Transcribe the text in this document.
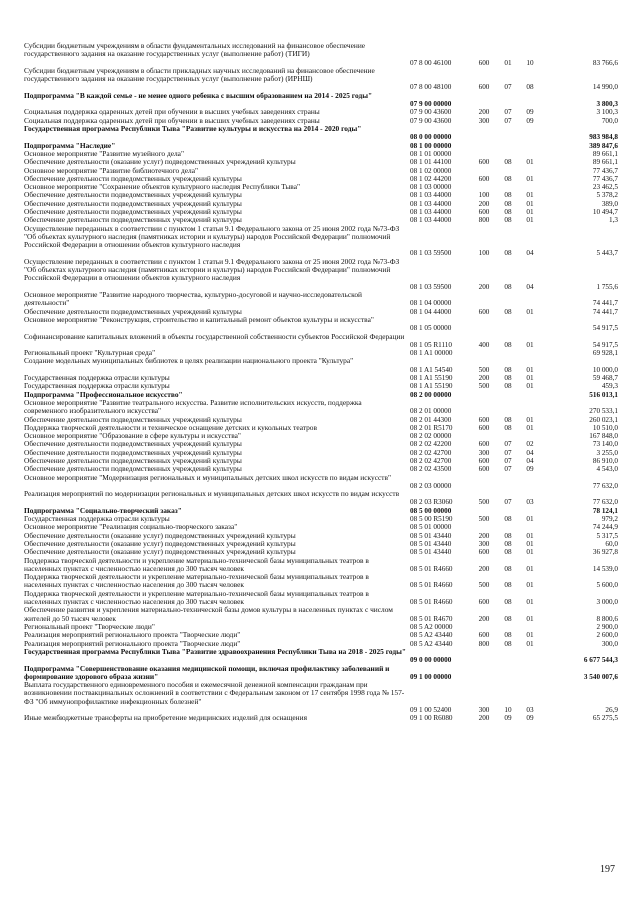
Субсидии бюджетным учреждениям в области фундаментальных исследований на финансовое обеспечение государственного задания на оказание государственных услуг (выполнение работ) (ТИГИ)
07 8 00 46100	600	01	10	83 766,6
Субсидии бюджетным учреждениям в области прикладных научных исследований на финансовое обеспечение государственного задания на оказание государственных услуг (выполнение работ) (ИРНШ)
07 8 00 48100	600	07	08	14 990,0
Подпрограмма "В каждой семье - не менее одного ребенка с высшим образованием на 2014 - 2025 годы"
07 9 00 00000	3 800,3
Социальная поддержка одаренных детей при обучении в высших учебных заведениях страны	07 9 00 43600	200	07	09	3 100,3
Социальная поддержка одаренных детей при обучении в высших учебных заведениях страны	07 9 00 43600	300	07	09	700,0
Государственная программа Республики Тыва "Развитие культуры и искусства на 2014 - 2020 годы"
08 0 00 00000	983 984,8
Подпрограмма "Наследие"	08 1 00 00000	389 847,6
Основное мероприятие "Развитие музейного дела"	08 1 01 00000	89 661,1
Обеспечение деятельности (оказание услуг) подведомственных учреждений культуры	08 1 01 44100	600	08	01	89 661,1
Основное мероприятие "Развитие библиотечного дела"	08 1 02 00000	77 436,7
Обеспечение деятельности подведомственных учреждений культуры	08 1 02 44200	600	08	01	77 436,7
Основное мероприятие "Сохранение объектов культурного наследия Республики Тыва"	08 1 03 00000	23 462,5
Обеспечение деятельности подведомственных учреждений культуры	08 1 03 44000	100	08	01	5 378,2
Обеспечение деятельности подведомственных учреждений культуры	08 1 03 44000	200	08	01	389,0
Обеспечение деятельности подведомственных учреждений культуры	08 1 03 44000	600	08	01	10 494,7
Обеспечение деятельности подведомственных учреждений культуры	08 1 03 44000	800	08	01	1,3
Осуществление переданных в соответствии с пунктом 1 статьи 9.1 Федерального закона от 25 июня 2002 года №73-ФЗ "Об объектах культурного наследия (памятниках истории и культуры) народов Российской Федерации" полномочий Российской Федерации в отношении объектов культурного наследия
08 1 03 59500	100	08	04	5 443,7
Осуществление переданных в соответствии с пунктом 1 статьи 9.1 Федерального закона от 25 июня 2002 года №73-ФЗ "Об объектах культурного наследия (памятниках истории и культуры) народов Российской Федерации" полномочий Российской Федерации в отношении объектов культурного наследия
08 1 03 59500	200	08	04	1 755,6
Основное мероприятие "Развитие народного творчества, культурно-досуговой и научно-исследовательской деятельности"	08 1 04 00000	74 441,7
Обеспечение деятельности подведомственных учреждений культуры	08 1 04 44000	600	08	01	74 441,7
Основное мероприятие "Реконструкция, строительство и капитальный ремонт объектов культуры и искусства"
08 1 05 00000	54 917,5
Софинансирование капитальных вложений в объекты государственной собственности субъектов Российской Федерации
08 1 05 R1110	400	08	01	54 917,5
Региональный проект "Культурная среда"	08 1 A1 00000	69 928,1
Создание модельных муниципальных библиотек в целях реализации национального проекта "Культура"
08 1 A1 54540	500	08	01	10 000,0
Государственная поддержка отрасли культуры	08 1 A1 55190	200	08	01	59 468,7
Государственная поддержка отрасли культуры	08 1 A1 55190	500	08	01	459,3
Подпрограмма "Профессиональное искусство"	08 2 00 00000	516 013,1
Основное мероприятие "Развитие театрального искусства. Развитие исполнительских искусств, поддержка современного изобразительного искусства"	08 2 01 00000	270 533,1
Обеспечение деятельности подведомственных учреждений культуры	08 2 01 44300	600	08	01	260 023,1
Поддержка творческой деятельности и техническое оснащение детских и кукольных театров	08 2 01 R5170	600	08	01	10 510,0
Основное мероприятие "Образование в сфере культуры и искусства"	08 2 02 00000	167 848,0
Обеспечение деятельности подведомственных учреждений культуры	08 2 02 42200	600	07	02	73 140,0
Обеспечение деятельности подведомственных учреждений культуры	08 2 02 42700	300	07	04	3 255,0
Обеспечение деятельности подведомственных учреждений культуры	08 2 02 42700	600	07	04	86 910,0
Обеспечение деятельности подведомственных учреждений культуры	08 2 02 43500	600	07	09	4 543,0
Основное мероприятие "Модернизация региональных и муниципальных детских школ искусств по видам искусств"
08 2 03 00000	77 632,0
Реализация мероприятий по модернизации региональных и муниципальных детских школ искусств по видам искусств
08 2 03 R3060	500	07	03	77 632,0
Подпрограмма "Социально-творческий заказ"	08 5 00 00000	78 124,1
Государственная поддержка отрасли культуры	08 5 00 R5190	500	08	01	979,2
Основное мероприятие "Реализация социально-творческого заказа"	08 5 01 00000	74 244,9
Обеспечение деятельности (оказание услуг) подведомственных учреждений культуры	08 5 01 43440	200	08	01	5 317,5
Обеспечение деятельности (оказание услуг) подведомственных учреждений культуры	08 5 01 43440	300	08	01	60,0
Обеспечение деятельности (оказание услуг) подведомственных учреждений культуры	08 5 01 43440	600	08	01	36 927,8
Поддержка творческой деятельности и укрепление материально-технической базы муниципальных театров в населенных пунктах с численностью населения до 300 тысяч человек	08 5 01 R4660	200	08	01	14 539,0
Поддержка творческой деятельности и укрепление материально-технической базы муниципальных театров в населенных пунктах с численностью населения до 300 тысяч человек	08 5 01 R4660	500	08	01	5 600,0
Поддержка творческой деятельности и укрепление материально-технической базы муниципальных театров в населенных пунктах с численностью населения до 300 тысяч человек	08 5 01 R4660	600	08	01	3 000,0
Обеспечение развития и укрепления материально-технической базы домов культуры в населенных пунктах с числом жителей до 50 тысяч человек	08 5 01 R4670	200	08	01	8 800,6
Региональный проект "Творческие люди"	08 5 A2 00000	2 900,0
Реализация мероприятий регионального проекта "Творческие люди"	08 5 A2 43440	600	08	01	2 600,0
Реализация мероприятий регионального проекта "Творческие люди"	08 5 A2 43440	800	08	01	300,0
Государственная программа Республики Тыва "Развитие здравоохранения Республики Тыва на 2018 - 2025 годы"
09 0 00 00000	6 677 544,3
Подпрограмма "Совершенствование оказания медицинской помощи, включая профилактику заболеваний и формирование здорового образа жизни"	09 1 00 00000	3 540 007,6
Выплата государственного единовременного пособия и ежемесячной денежной компенсации гражданам при возникновении поствакцинальных осложнений в соответствии с Федеральным законом от 17 сентября 1998 года № 157-ФЗ "Об иммунопрофилактике инфекционных болезней"
09 1 00 52400	300	10	03	26,9
Иные межбюджетные трансферты на приобретение медицинских изделий для оснащения	09 1 00 R6080	200	09	09	65 275,5
197
